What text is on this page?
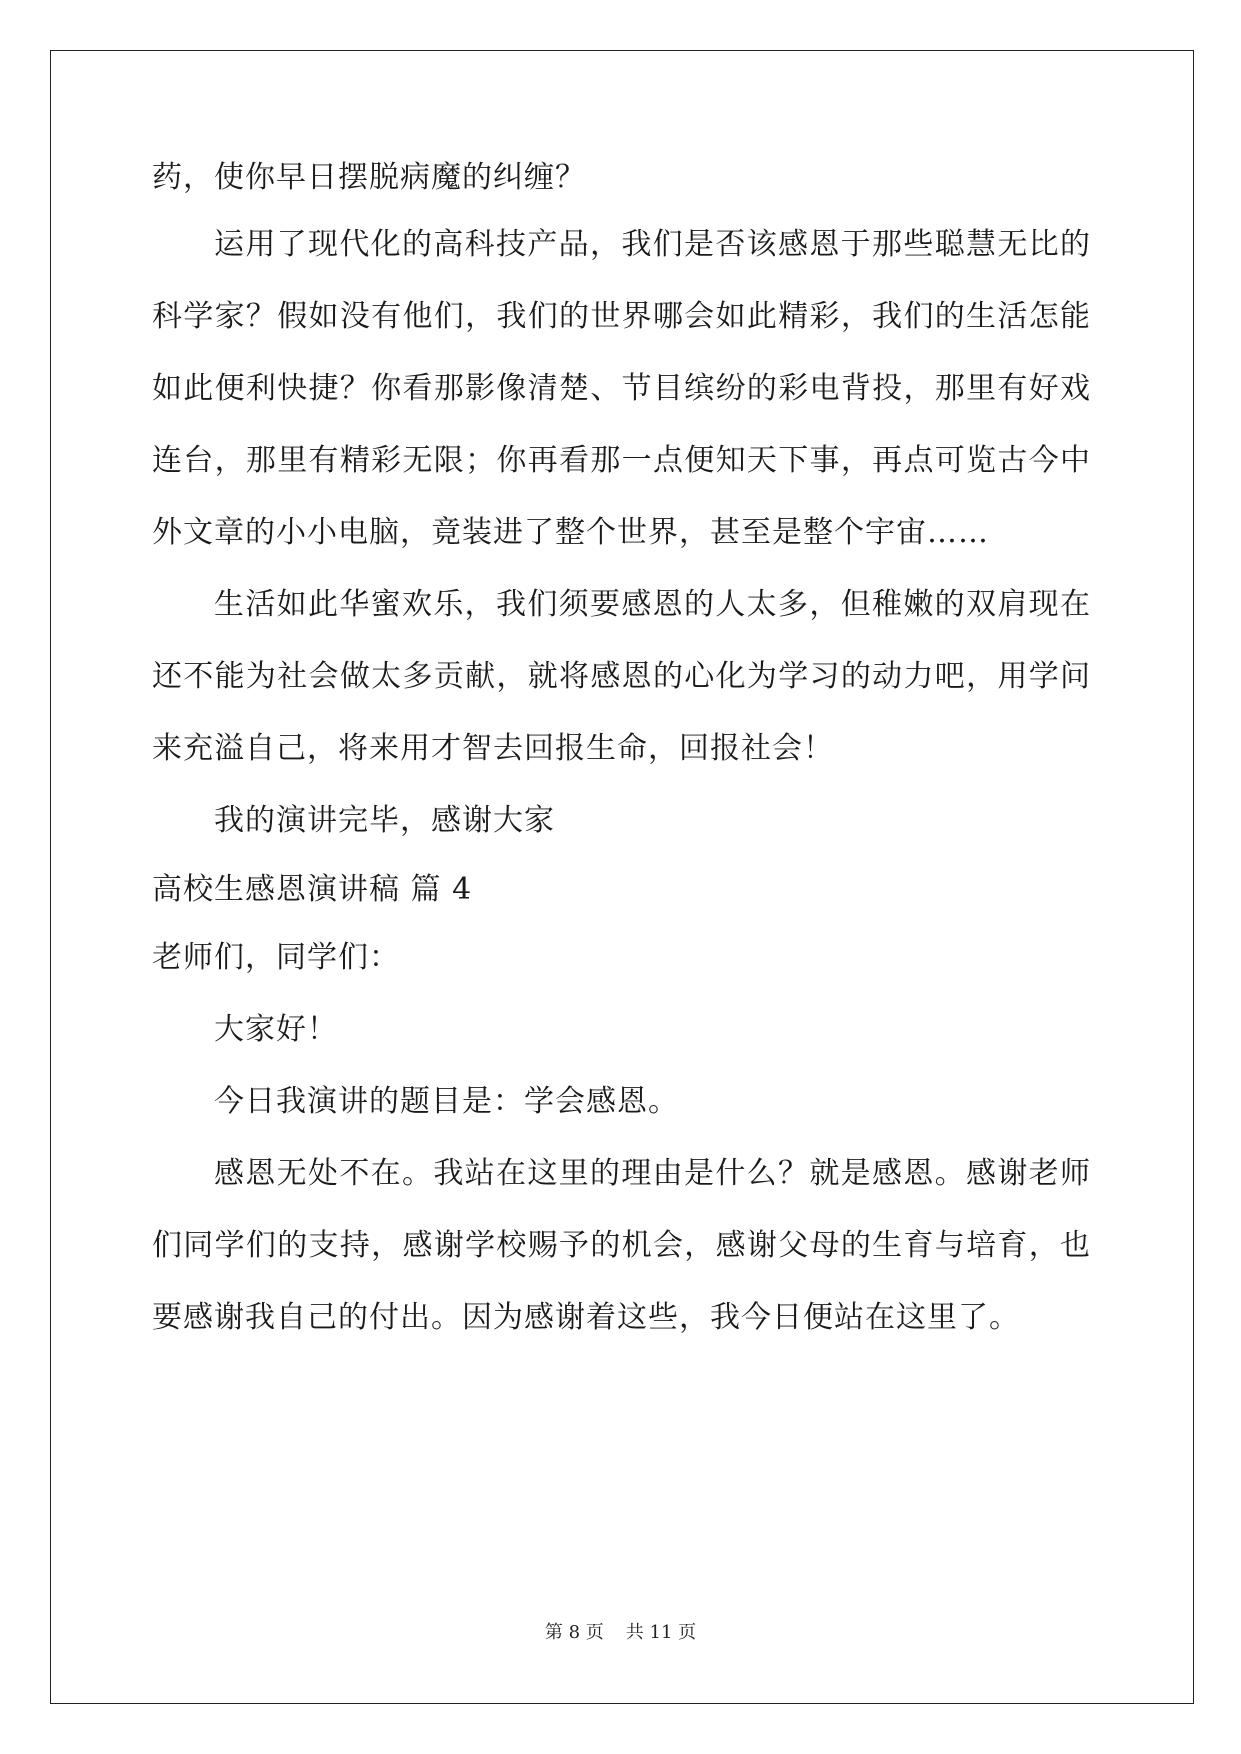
药，使你早日摆脱病魔的纠缠？
运用了现代化的高科技产品，我们是否该感恩于那些聪慧无比的
科学家？假如没有他们，我们的世界哪会如此精彩，我们的生活怎能
如此便利快捷？你看那影像清楚、节目缤纷的彩电背投，那里有好戏
连台，那里有精彩无限；你再看那一点便知天下事，再点可览古今中
外文章的小小电脑，竟装进了整个世界，甚至是整个宇宙……
生活如此华蜜欢乐，我们须要感恩的人太多，但稚嫩的双肩现在
还不能为社会做太多贡献，就将感恩的心化为学习的动力吧，用学问
来充溢自己，将来用才智去回报生命，回报社会！
我的演讲完毕，感谢大家
高校生感恩演讲稿 篇 4
老师们，同学们：
大家好！
今日我演讲的题目是：学会感恩。
感恩无处不在。我站在这里的理由是什么？就是感恩。感谢老师
们同学们的支持，感谢学校赐予的机会，感谢父母的生育与培育，也
要感谢我自己的付出。因为感谢着这些，我今日便站在这里了。
第 8 页 共 11 页
